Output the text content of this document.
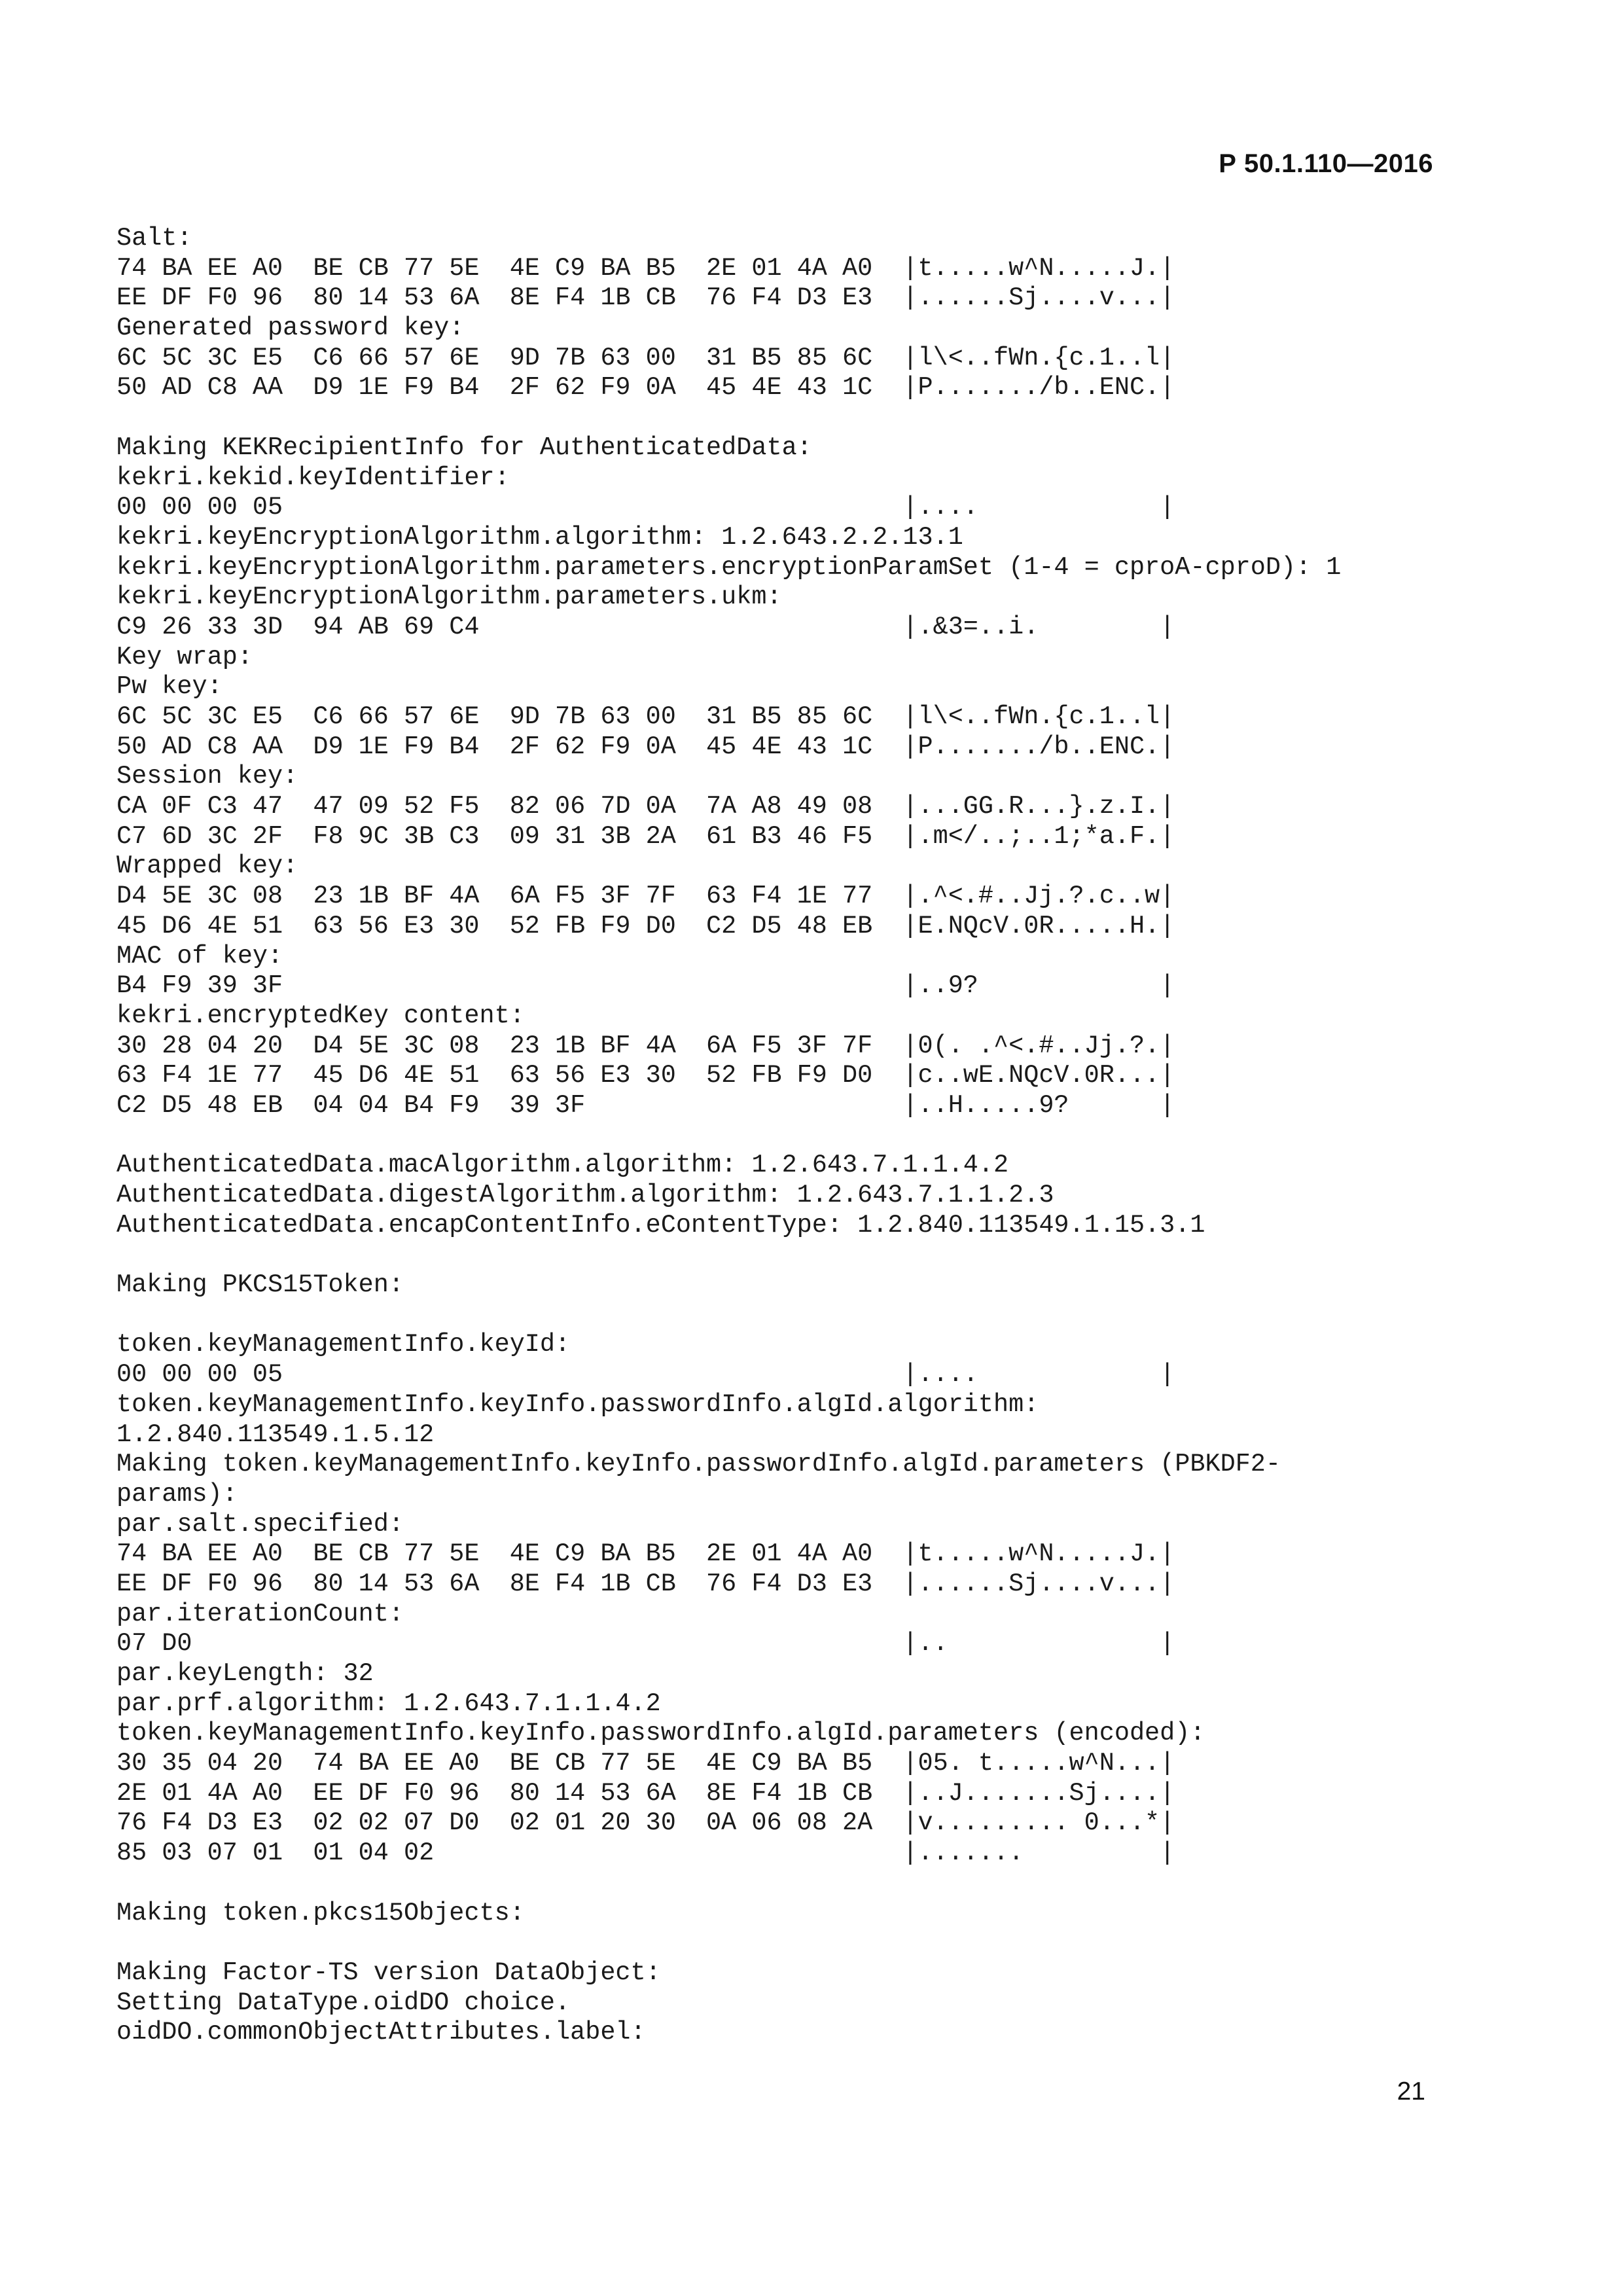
Р 50.1.110—2016
Salt:
74 BA EE A0  BE CB 77 5E  4E C9 BA B5  2E 01 4A A0  |t.....w^N.....J.|
EE DF F0 96  80 14 53 6A  8E F4 1B CB  76 F4 D3 E3  |......Sj....v...|
Generated password key:
6C 5C 3C E5  C6 66 57 6E  9D 7B 63 00  31 B5 85 6C  |l\<..fWn.{c.1..l|
50 AD C8 AA  D9 1E F9 B4  2F 62 F9 0A  45 4E 43 1C  |P......./b..ENC.|
Making KEKRecipientInfo for AuthenticatedData:
kekri.kekid.keyIdentifier:
00 00 00 05                                         |....            |
kekri.keyEncryptionAlgorithm.algorithm: 1.2.643.2.2.13.1
kekri.keyEncryptionAlgorithm.parameters.encryptionParamSet (1-4 = cproA-cproD): 1
kekri.keyEncryptionAlgorithm.parameters.ukm:
C9 26 33 3D  94 AB 69 C4                            |.&3=..i.        |
Key wrap:
Pw key:
6C 5C 3C E5  C6 66 57 6E  9D 7B 63 00  31 B5 85 6C  |l\<..fWn.{c.1..l|
50 AD C8 AA  D9 1E F9 B4  2F 62 F9 0A  45 4E 43 1C  |P......./b..ENC.|
Session key:
CA 0F C3 47  47 09 52 F5  82 06 7D 0A  7A A8 49 08  |...GG.R...}.z.I.|
C7 6D 3C 2F  F8 9C 3B C3  09 31 3B 2A  61 B3 46 F5  |.m</..;..1;*a.F.|
Wrapped key:
D4 5E 3C 08  23 1B BF 4A  6A F5 3F 7F  63 F4 1E 77  |.^<.#..Jj.?.c..w|
45 D6 4E 51  63 56 E3 30  52 FB F9 D0  C2 D5 48 EB  |E.NQcV.0R.....H.|
MAC of key:
B4 F9 39 3F                                         |..9?            |
kekri.encryptedKey content:
30 28 04 20  D4 5E 3C 08  23 1B BF 4A  6A F5 3F 7F  |0(. .^<.#..Jj.?.|
63 F4 1E 77  45 D6 4E 51  63 56 E3 30  52 FB F9 D0  |c..wE.NQcV.0R...|
C2 D5 48 EB  04 04 B4 F9  39 3F                     |..H.....9?      |
AuthenticatedData.macAlgorithm.algorithm: 1.2.643.7.1.1.4.2
AuthenticatedData.digestAlgorithm.algorithm: 1.2.643.7.1.1.2.3
AuthenticatedData.encapContentInfo.eContentType: 1.2.840.113549.1.15.3.1
Making PKCS15Token:
token.keyManagementInfo.keyId:
00 00 00 05                                         |....            |
token.keyManagementInfo.keyInfo.passwordInfo.algId.algorithm:
1.2.840.113549.1.5.12
Making token.keyManagementInfo.keyInfo.passwordInfo.algId.parameters (PBKDF2-
params):
par.salt.specified:
74 BA EE A0  BE CB 77 5E  4E C9 BA B5  2E 01 4A A0  |t.....w^N.....J.|
EE DF F0 96  80 14 53 6A  8E F4 1B CB  76 F4 D3 E3  |......Sj....v...|
par.iterationCount:
07 D0                                               |..              |
par.keyLength: 32
par.prf.algorithm: 1.2.643.7.1.1.4.2
token.keyManagementInfo.keyInfo.passwordInfo.algId.parameters (encoded):
30 35 04 20  74 BA EE A0  BE CB 77 5E  4E C9 BA B5  |05. t.....w^N...|
2E 01 4A A0  EE DF F0 96  80 14 53 6A  8E F4 1B CB  |..J.......Sj....|
76 F4 D3 E3  02 02 07 D0  02 01 20 30  0A 06 08 2A  |v......... 0...*|
85 03 07 01  01 04 02                               |.......         |
Making token.pkcs15Objects:
Making Factor-TS version DataObject:
Setting DataType.oidDO choice.
oidDO.commonObjectAttributes.label:
21
